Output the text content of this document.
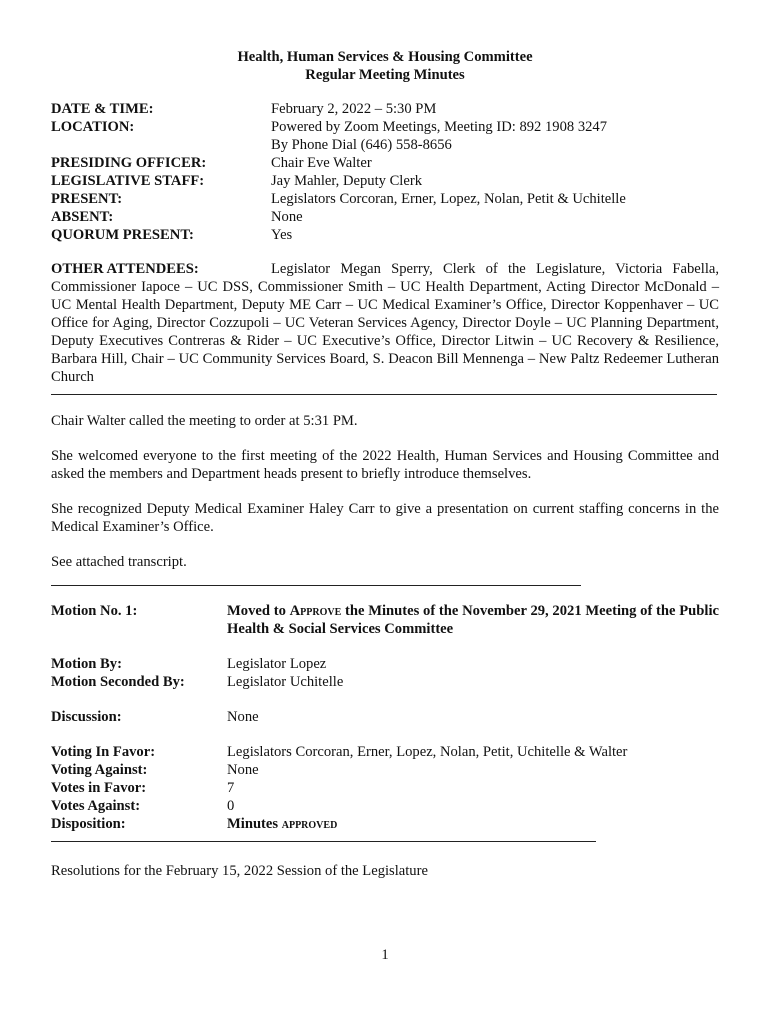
Health, Human Services & Housing Committee
Regular Meeting Minutes
DATE & TIME:	February 2, 2022 – 5:30 PM
LOCATION:	Powered by Zoom Meetings, Meeting ID: 892 1908 3247
By Phone Dial (646) 558-8656
PRESIDING OFFICER:	Chair Eve Walter
LEGISLATIVE STAFF:	Jay Mahler, Deputy Clerk
PRESENT:	Legislators Corcoran, Erner, Lopez, Nolan, Petit & Uchitelle
ABSENT:	None
QUORUM PRESENT:	Yes
OTHER ATTENDEES:	Legislator Megan Sperry, Clerk of the Legislature, Victoria Fabella, Commissioner Iapoce – UC DSS, Commissioner Smith – UC Health Department, Acting Director McDonald – UC Mental Health Department, Deputy ME Carr – UC Medical Examiner’s Office, Director Koppenhaver – UC Office for Aging, Director Cozzupoli – UC Veteran Services Agency, Director Doyle – UC Planning Department, Deputy Executives Contreras & Rider – UC Executive’s Office, Director Litwin – UC Recovery & Resilience, Barbara Hill, Chair – UC Community Services Board, S. Deacon Bill Mennenga – New Paltz Redeemer Lutheran Church

Chair Walter called the meeting to order at 5:31 PM.

She welcomed everyone to the first meeting of the 2022 Health, Human Services and Housing Committee and asked the members and Department heads present to briefly introduce themselves.

She recognized Deputy Medical Examiner Haley Carr to give a presentation on current staffing concerns in the Medical Examiner’s Office.

See attached transcript.

Motion No. 1:	Moved to Approve the Minutes of the November 29, 2021 Meeting of the Public Health & Social Services Committee
Motion By:	Legislator Lopez
Motion Seconded By:	Legislator Uchitelle
Discussion:	None
Voting In Favor:	Legislators Corcoran, Erner, Lopez, Nolan, Petit, Uchitelle & Walter
Voting Against:	None
Votes in Favor:	7
Votes Against:	0
Disposition:	Minutes approved

Resolutions for the February 15, 2022 Session of the Legislature

1
